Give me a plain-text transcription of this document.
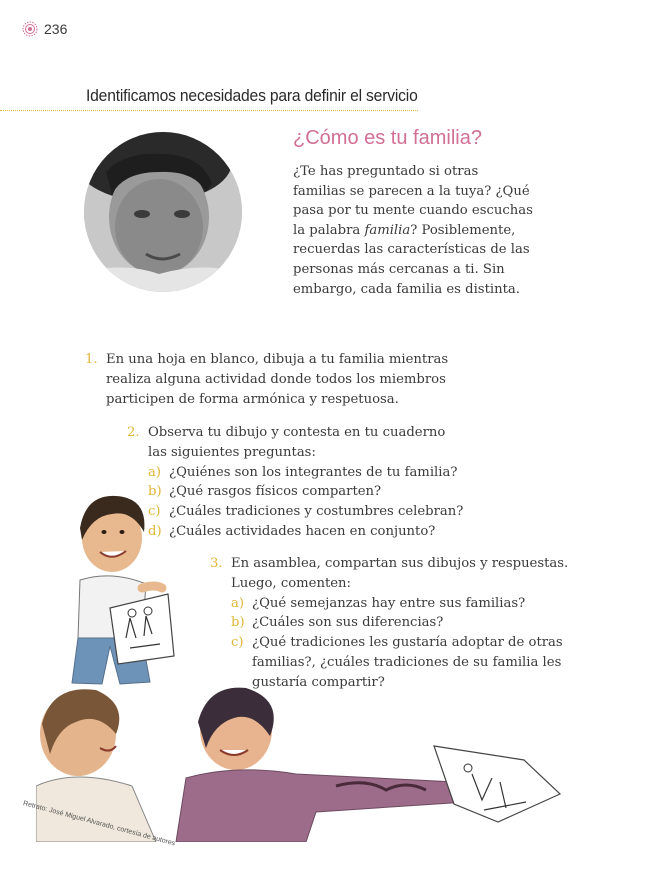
236
Identificamos necesidades para definir el servicio
¿Cómo es tu familia?

¿Te has preguntado si otras familias se parecen a la tuya? ¿Qué pasa por tu mente cuando escuchas la palabra familia? Posiblemente, recuerdas las características de las personas más cercanas a ti. Sin embargo, cada familia es distinta.

1. En una hoja en blanco, dibuja a tu familia mientras realiza alguna actividad donde todos los miembros participen de forma armónica y respetuosa.
2. Observa tu dibujo y contesta en tu cuaderno las siguientes preguntas:
a) ¿Quiénes son los integrantes de tu familia?
b) ¿Qué rasgos físicos comparten?
c) ¿Cuáles tradiciones y costumbres celebran?
d) ¿Cuáles actividades hacen en conjunto?
3. En asamblea, compartan sus dibujos y respuestas. Luego, comenten:
a) ¿Qué semejanzas hay entre sus familias?
b) ¿Cuáles son sus diferencias?
c) ¿Qué tradiciones les gustaría adoptar de otras familias?, ¿cuáles tradiciones de su familia les gustaría compartir?
Retrato: José Miguel Alvarado, cortesía de autores
